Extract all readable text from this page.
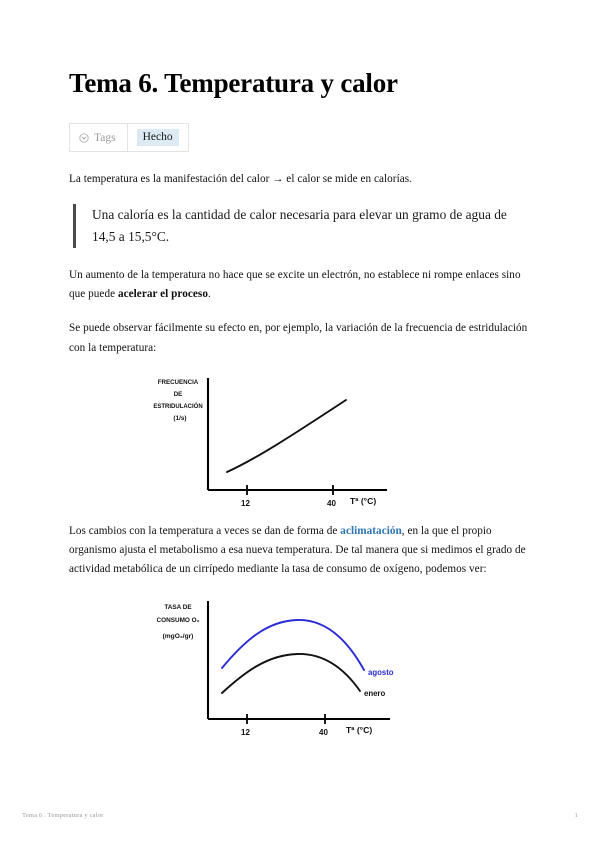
Tema 6. Temperatura y calor
Tags	Hecho

La temperatura es la manifestación del calor → el calor se mide en calorías.

Una caloría es la cantidad de calor necesaria para elevar un gramo de agua de 14,5 a 15,5°C.

Un aumento de la temperatura no hace que se excite un electrón, no establece ni rompe enlaces sino que puede acelerar el proceso.

Se puede observar fácilmente su efecto en, por ejemplo, la variación de la frecuencia de estridulación con la temperatura:

FRECUENCIA
DE
ESTRIDULACIÓN
(1/s)
12	40 Tª (°C)

Los cambios con la temperatura a veces se dan de forma de aclimatación, en la que el propio organismo ajusta el metabolismo a esa nueva temperatura. De tal manera que si medimos el grado de actividad metabólica de un cirrípedo mediante la tasa de consumo de oxígeno, podemos ver:

agosto
enero
TASA DE
CONSUMO O₂
(mgO₂/gr)
12	40 Tª (°C)
Tema 6 . Temperatura y calor	1
